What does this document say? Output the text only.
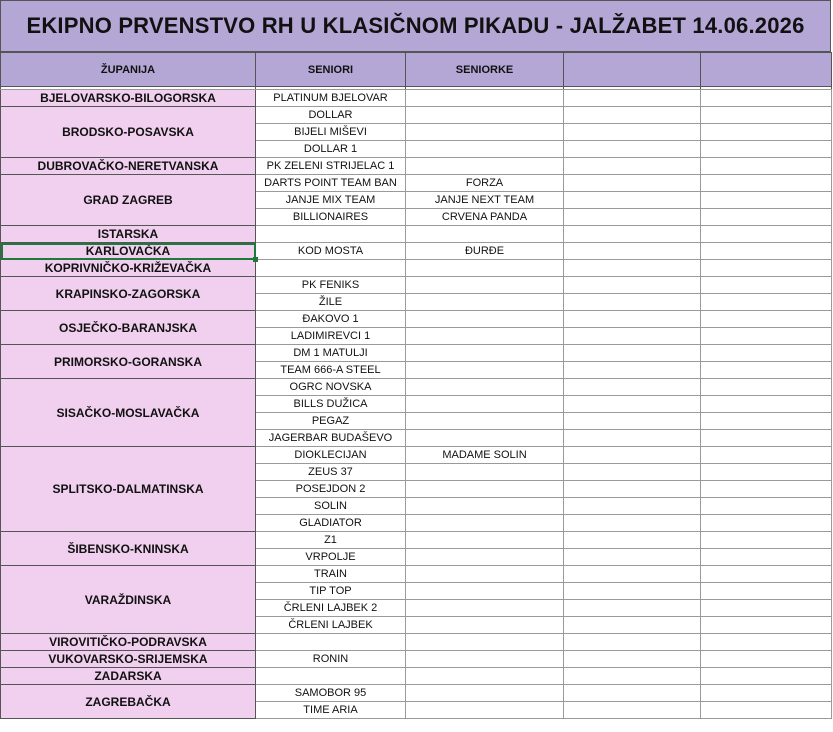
EKIPNO PRVENSTVO RH U KLASIČNOM PIKADU - JALŽABET 14.06.2026
ŽUPANIJA	SENIORI	SENIORKE		

BJELOVARSKO-BILOGORSKA	PLATINUM BJELOVAR			
BRODSKO-POSAVSKA	DOLLAR			
	BIJELI MIŠEVI			
	DOLLAR 1			
DUBROVAČKO-NERETVANSKA	PK ZELENI STRIJELAC 1			
GRAD ZAGREB	DARTS POINT TEAM BAN	FORZA		
	JANJE MIX TEAM	JANJE NEXT TEAM		
	BILLIONAIRES	CRVENA PANDA		
ISTARSKA				
KARLOVAČKA	KOD MOSTA	ĐURĐE		
KOPRIVNIČKO-KRIŽEVAČKA				
KRAPINSKO-ZAGORSKA	PK FENIKS			
	ŽILE			
OSJEČKO-BARANJSKA	ĐAKOVO 1			
	LADIMIREVCI 1			
PRIMORSKO-GORANSKA	DM 1 MATULJI			
	TEAM 666-A STEEL			
SISAČKO-MOSLAVAČKA	OGRC NOVSKA			
	BILLS DUŽICA			
	PEGAZ			
	JAGERBAR BUDAŠEVO			
SPLITSKO-DALMATINSKA	DIOKLECIJAN	MADAME SOLIN		
	ZEUS 37			
	POSEJDON 2			
	SOLIN			
	GLADIATOR			
ŠIBENSKO-KNINSKA	Z1			
	VRPOLJE			
VARAŽDINSKA	TRAIN			
	TIP TOP			
	ČRLENI LAJBEK 2			
	ČRLENI LAJBEK			
VIROVITIČKO-PODRAVSKA				
VUKOVARSKO-SRIJEMSKA	RONIN			
ZADARSKA				
ZAGREBAČKA	SAMOBOR 95			
	TIME ARIA			
